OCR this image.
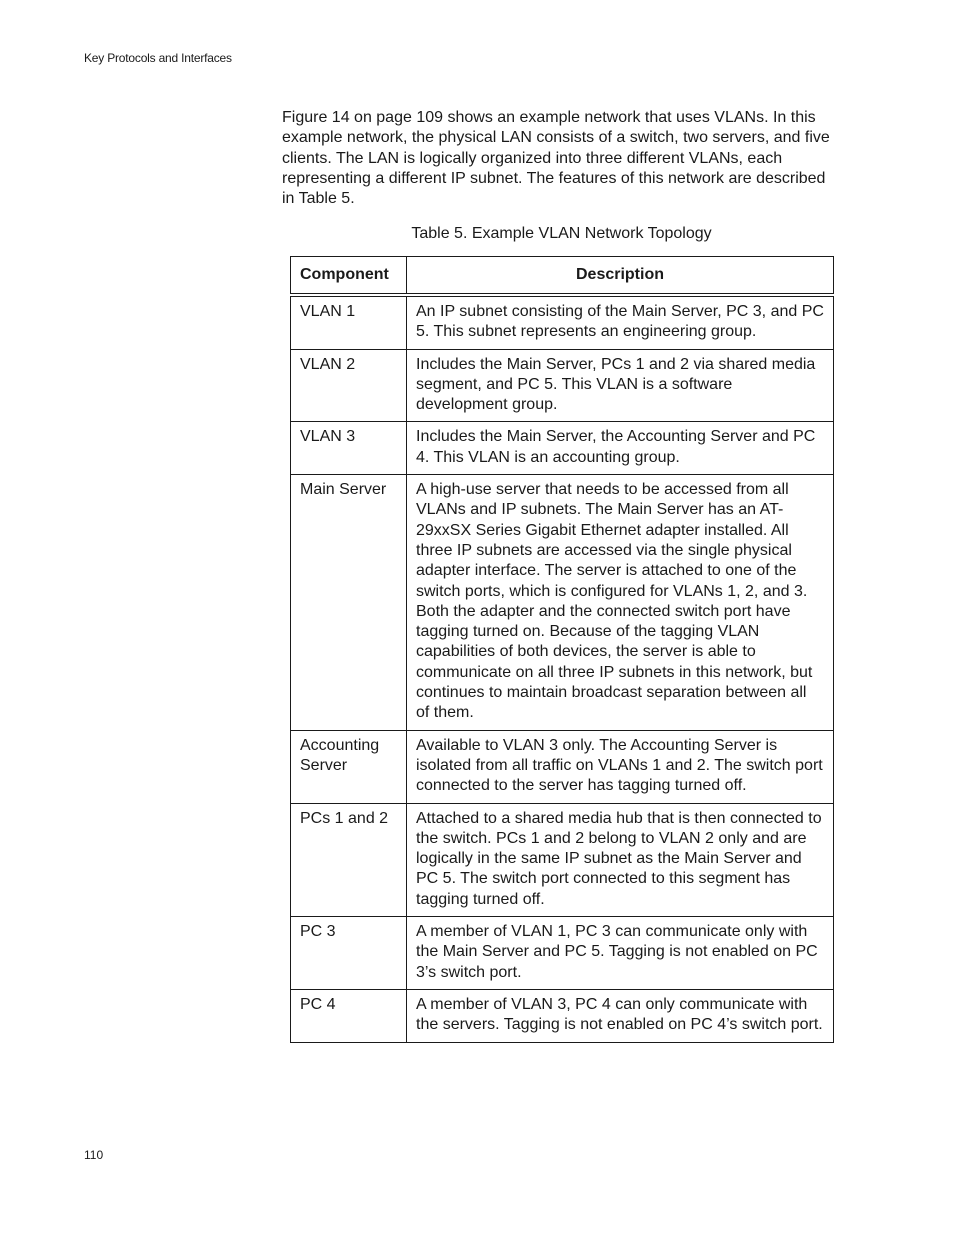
Key Protocols and Interfaces

Figure 14 on page 109 shows an example network that uses VLANs. In this example network, the physical LAN consists of a switch, two servers, and five clients. The LAN is logically organized into three different VLANs, each representing a different IP subnet. The features of this network are described in Table 5.

Table 5. Example VLAN Network Topology
Component	Description
VLAN 1	An IP subnet consisting of the Main Server, PC 3, and PC 5. This subnet represents an engineering group.
VLAN 2	Includes the Main Server, PCs 1 and 2 via shared media segment, and PC 5. This VLAN is a software development group.
VLAN 3	Includes the Main Server, the Accounting Server and PC 4. This VLAN is an accounting group.
Main Server	A high-use server that needs to be accessed from all VLANs and IP subnets. The Main Server has an AT-29xxSX Series Gigabit Ethernet adapter installed. All three IP subnets are accessed via the single physical adapter interface. The server is attached to one of the switch ports, which is configured for VLANs 1, 2, and 3. Both the adapter and the connected switch port have tagging turned on. Because of the tagging VLAN capabilities of both devices, the server is able to communicate on all three IP subnets in this network, but continues to maintain broadcast separation between all of them.
Accounting Server	Available to VLAN 3 only. The Accounting Server is isolated from all traffic on VLANs 1 and 2. The switch port connected to the server has tagging turned off.
PCs 1 and 2	Attached to a shared media hub that is then connected to the switch. PCs 1 and 2 belong to VLAN 2 only and are logically in the same IP subnet as the Main Server and PC 5. The switch port connected to this segment has tagging turned off.
PC 3	A member of VLAN 1, PC 3 can communicate only with the Main Server and PC 5. Tagging is not enabled on PC 3’s switch port.
PC 4	A member of VLAN 3, PC 4 can only communicate with the servers. Tagging is not enabled on PC 4’s switch port.
110
